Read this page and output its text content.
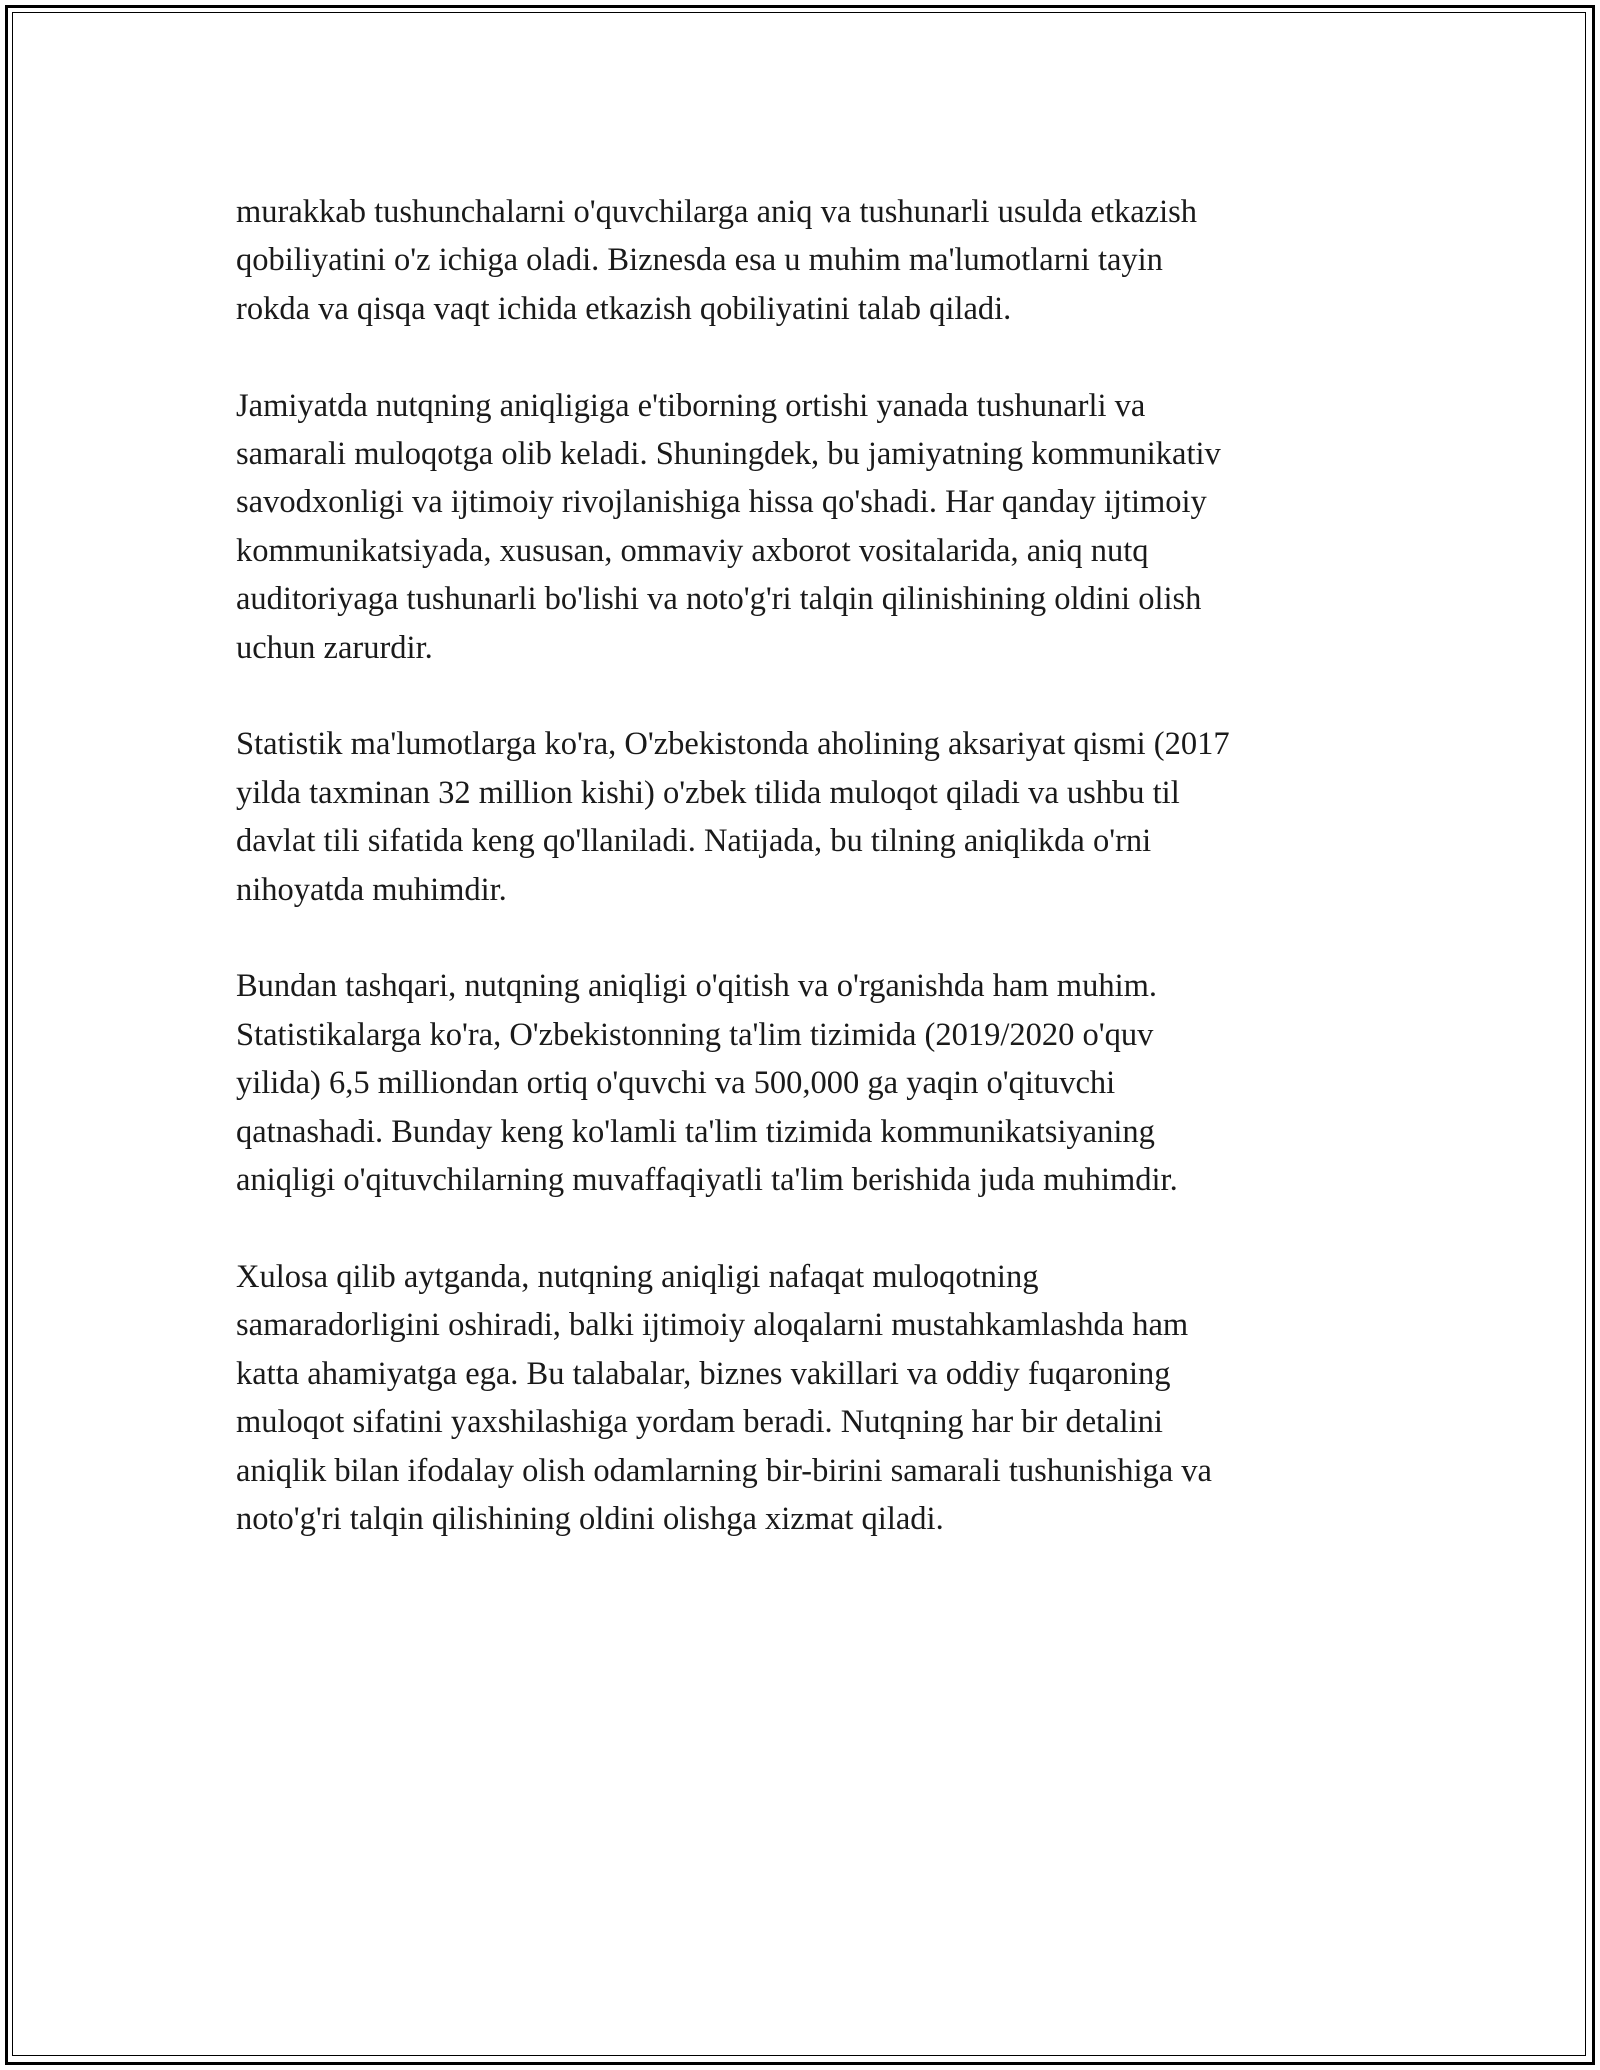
murakkab tushunchalarni o'quvchilarga aniq va tushunarli usulda etkazish
qobiliyatini o'z ichiga oladi. Biznesda esa u muhim ma'lumotlarni tayin
rokda va qisqa vaqt ichida etkazish qobiliyatini talab qiladi.

Jamiyatda nutqning aniqligiga e'tiborning ortishi yanada tushunarli va
samarali muloqotga olib keladi. Shuningdek, bu jamiyatning kommunikativ
savodxonligi va ijtimoiy rivojlanishiga hissa qo'shadi. Har qanday ijtimoiy
kommunikatsiyada, xususan, ommaviy axborot vositalarida, aniq nutq
auditoriyaga tushunarli bo'lishi va noto'g'ri talqin qilinishining oldini olish
uchun zarurdir.

Statistik ma'lumotlarga ko'ra, O'zbekistonda aholining aksariyat qismi (2017
yilda taxminan 32 million kishi) o'zbek tilida muloqot qiladi va ushbu til
davlat tili sifatida keng qo'llaniladi. Natijada, bu tilning aniqlikda o'rni
nihoyatda muhimdir.

Bundan tashqari, nutqning aniqligi o'qitish va o'rganishda ham muhim.
Statistikalarga ko'ra, O'zbekistonning ta'lim tizimida (2019/2020 o'quv
yilida) 6,5 milliondan ortiq o'quvchi va 500,000 ga yaqin o'qituvchi
qatnashadi. Bunday keng ko'lamli ta'lim tizimida kommunikatsiyaning
aniqligi o'qituvchilarning muvaffaqiyatli ta'lim berishida juda muhimdir.

Xulosa qilib aytganda, nutqning aniqligi nafaqat muloqotning
samaradorligini oshiradi, balki ijtimoiy aloqalarni mustahkamlashda ham
katta ahamiyatga ega. Bu talabalar, biznes vakillari va oddiy fuqaroning
muloqot sifatini yaxshilashiga yordam beradi. Nutqning har bir detalini
aniqlik bilan ifodalay olish odamlarning bir-birini samarali tushunishiga va
noto'g'ri talqin qilishining oldini olishga xizmat qiladi.
